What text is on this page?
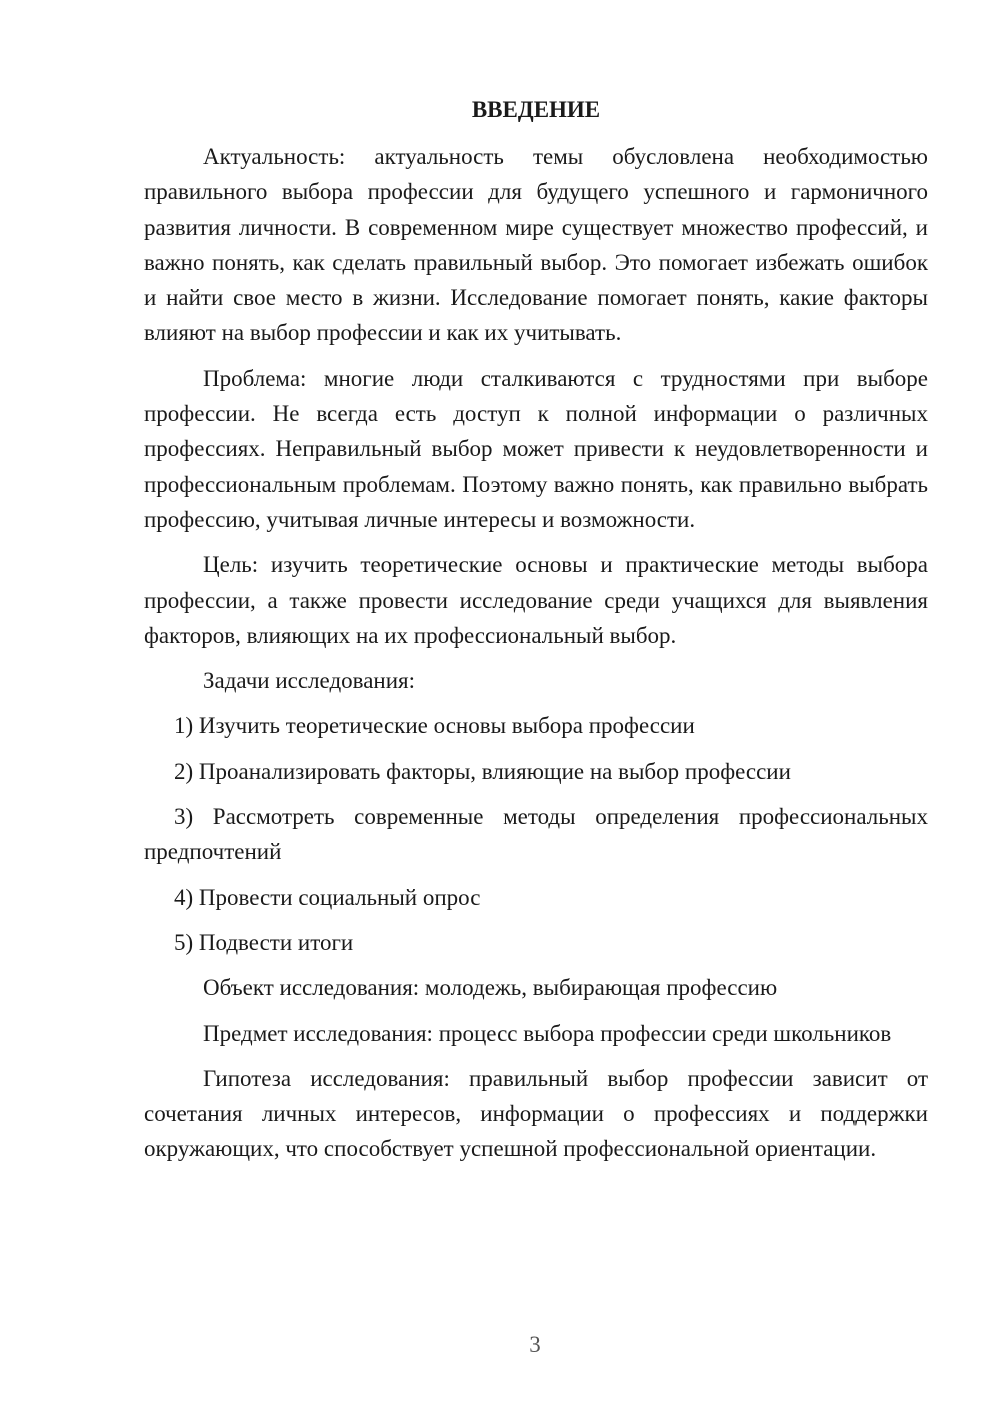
ВВЕДЕНИЕ

Актуальность: актуальность темы обусловлена необходимостью правильного выбора профессии для будущего успешного и гармоничного развития личности. В современном мире существует множество профессий, и важно понять, как сделать правильный выбор. Это помогает избежать ошибок и найти свое место в жизни. Исследование помогает понять, какие факторы влияют на выбор профессии и как их учитывать.

Проблема: многие люди сталкиваются с трудностями при выборе профессии. Не всегда есть доступ к полной информации о различных профессиях. Неправильный выбор может привести к неудовлетворенности и профессиональным проблемам. Поэтому важно понять, как правильно выбрать профессию, учитывая личные интересы и возможности.

Цель: изучить теоретические основы и практические методы выбора профессии, а также провести исследование среди учащихся для выявления факторов, влияющих на их профессиональный выбор.

Задачи исследования:

1) Изучить теоретические основы выбора профессии

2) Проанализировать факторы, влияющие на выбор профессии

3) Рассмотреть современные методы определения профессиональных предпочтений

4) Провести социальный опрос

5) Подвести итоги

Объект исследования: молодежь, выбирающая профессию

Предмет исследования: процесс выбора профессии среди школьников

Гипотеза исследования: правильный выбор профессии зависит от сочетания личных интересов, информации о профессиях и поддержки окружающих, что способствует успешной профессиональной ориентации.

3
